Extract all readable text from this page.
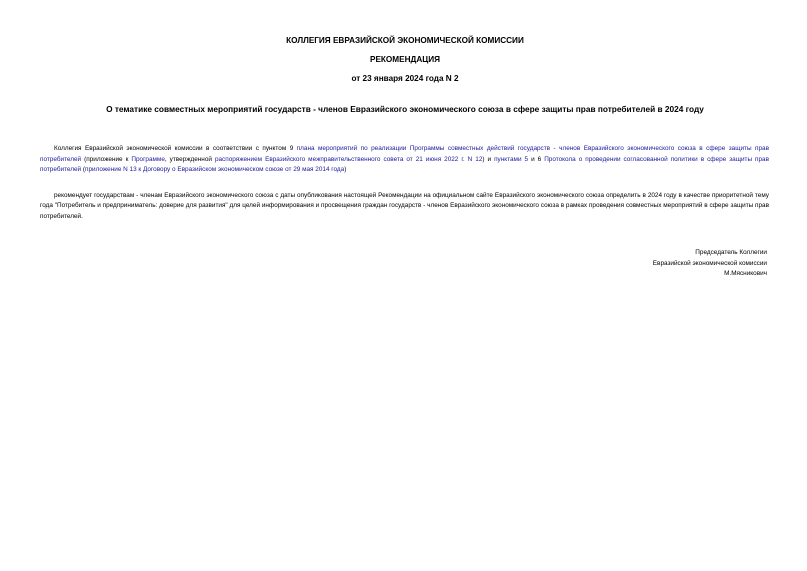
КОЛЛЕГИЯ ЕВРАЗИЙСКОЙ ЭКОНОМИЧЕСКОЙ КОМИССИИ
РЕКОМЕНДАЦИЯ
от 23 января 2024 года N 2
О тематике совместных мероприятий государств - членов Евразийского экономического союза в сфере защиты прав потребителей в 2024 году

Коллегия Евразийской экономической комиссии в соответствии с пунктом 9 плана мероприятий по реализации Программы совместных действий государств - членов Евразийского экономического союза в сфере защиты прав потребителей (приложение к Программе, утвержденной распоряжением Евразийского межправительственного совета от 21 июня 2022 г. N 12) и пунктами 5 и 6 Протокола о проведении согласованной политики в сфере защиты прав потребителей (приложение N 13 к Договору о Евразийском экономическом союзе от 29 мая 2014 года)

рекомендует государствам - членам Евразийского экономического союза с даты опубликования настоящей Рекомендации на официальном сайте Евразийского экономического союза определить в 2024 году в качестве приоритетной тему года "Потребитель и предприниматель: доверие для развития" для целей информирования и просвещения граждан государств - членов Евразийского экономического союза в рамках проведения совместных мероприятий в сфере защиты прав потребителей.

Председатель Коллегии
Евразийской экономической комиссии
М.Мясникович
